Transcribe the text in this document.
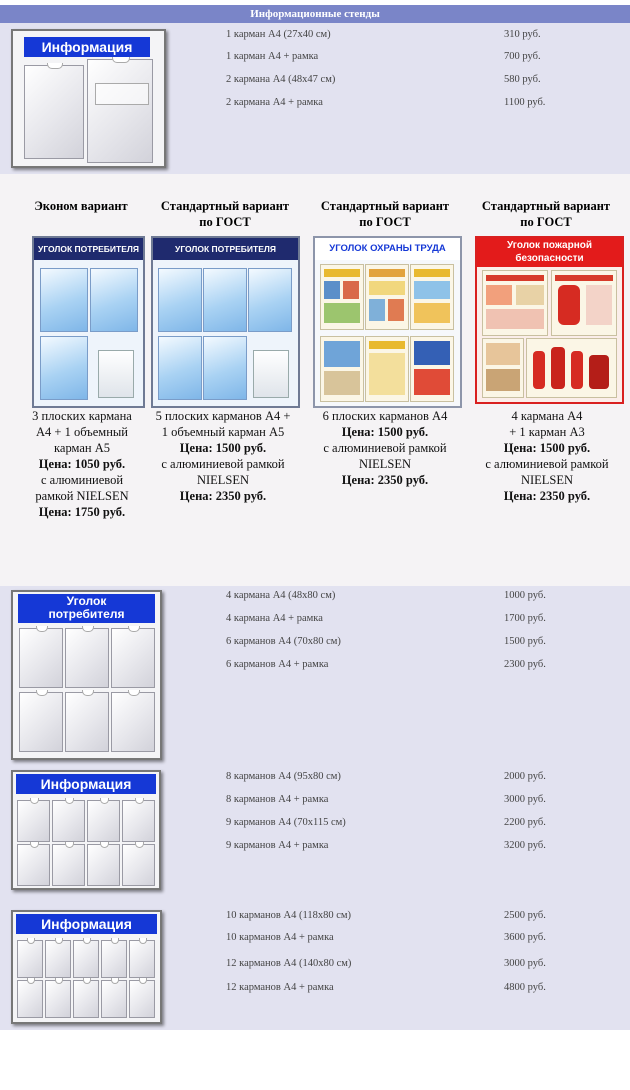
Информационные стенды
Информация
1 карман А4 (27х40 см)	310 руб.
1 карман А4 + рамка	700 руб.
2 кармана А4 (48х47 см)	580 руб.
2 кармана А4 + рамка	1100 руб.
Эконом вариант	Стандартный вариант
по ГОСТ
Стандартный вариант
по ГОСТ
Стандартный вариант
по ГОСТ
УГОЛОК ПОТРЕБИТЕЛЯ	УГОЛОК ПОТРЕБИТЕЛЯ	УГОЛОК ОХРАНЫ ТРУДА	Уголок пожарной безопасности
3 плоских кармана
А4 + 1 объемный
карман А5
Цена: 1050 руб.
с алюминиевой
рамкой NIELSEN
Цена: 1750 руб.
5 плоских карманов А4 +
1 объемный карман А5
Цена: 1500 руб.
с алюминиевой рамкой
NIELSEN
Цена: 2350 руб.
6 плоских карманов А4
Цена: 1500 руб.
с алюминиевой рамкой
NIELSEN
Цена: 2350 руб.
4 кармана А4
+ 1 карман А3
Цена: 1500 руб.
с алюминиевой рамкой
NIELSEN
Цена: 2350 руб.
Уголок
потребителя
4 кармана А4 (48х80 см)	1000 руб.
4 кармана А4 + рамка	1700 руб.
6 карманов А4 (70х80 см)	1500 руб.
6 карманов А4 + рамка	2300 руб.
Информация	8 карманов А4 (95х80 см)	2000 руб.
8 карманов А4 + рамка	3000 руб.
9 карманов А4 (70х115 см)	2200 руб.
9 карманов А4 + рамка	3200 руб.
Информация
10 карманов А4 (118х80 см)	2500 руб.
10 карманов А4 + рамка	3600 руб.
12 карманов А4 (140х80 см)	3000 руб.
12 карманов А4 + рамка	4800 руб.
